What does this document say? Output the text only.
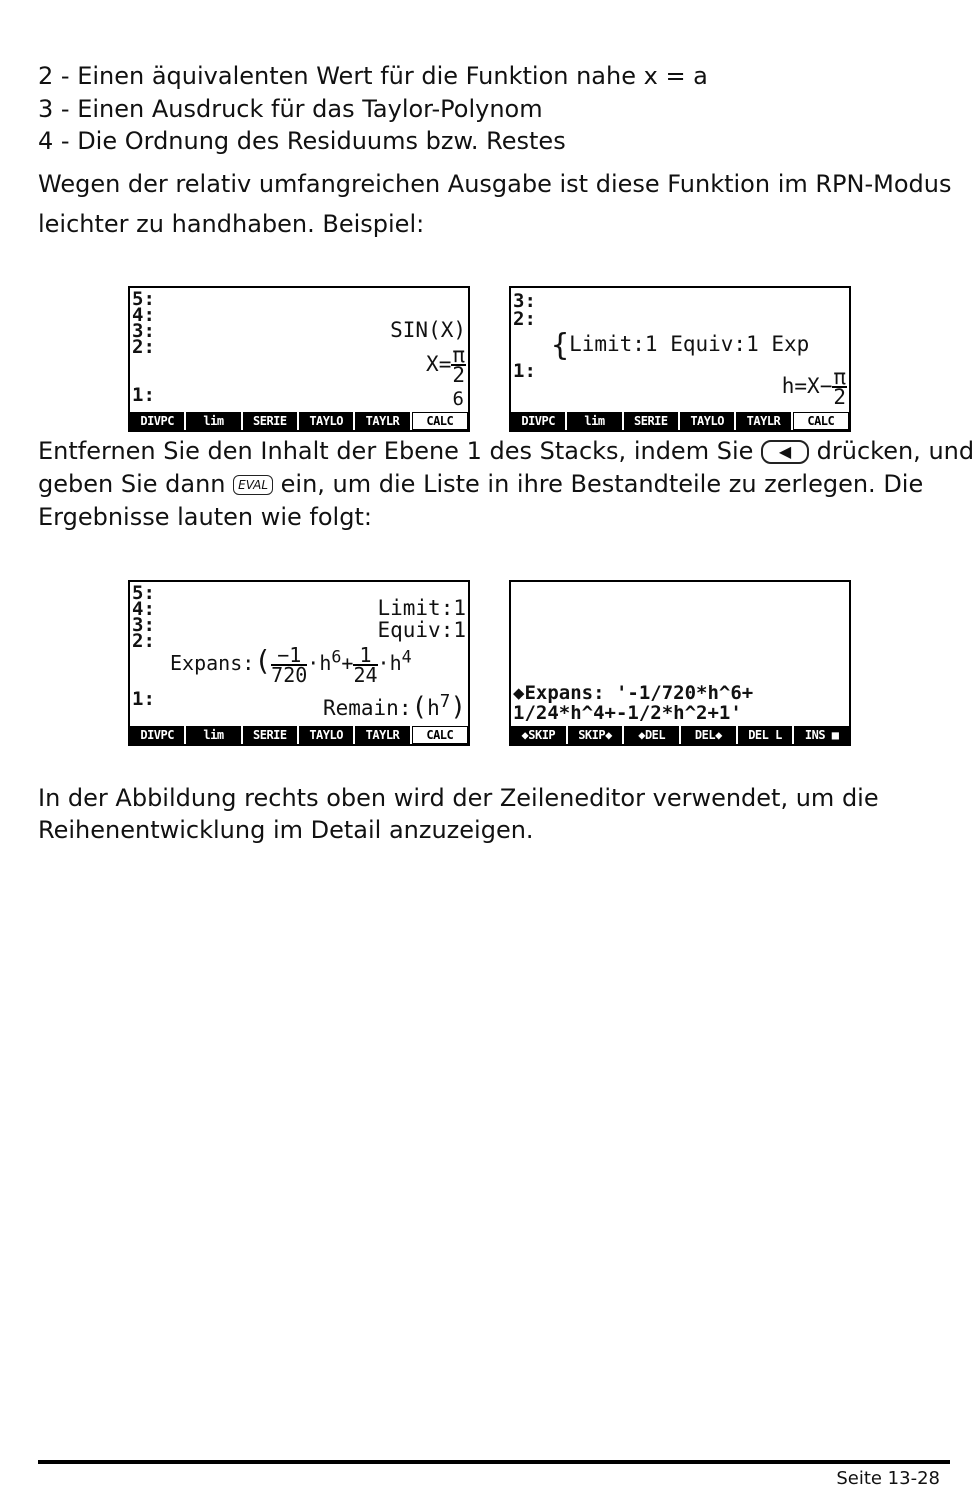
2 - Einen äquivalenten Wert für die Funktion nahe x = a
3 - Einen Ausdruck für das Taylor-Polynom
4 - Die Ordnung des Residuums bzw. Restes
Wegen der relativ umfangreichen Ausgabe ist diese Funktion im RPN-Modus
leichter zu handhaben. Beispiel:
5:
4:
3:
2:
1:
SIN(X)
$X= \frac{\pi}{2}$
6
DIVPC	lim	SERIE	TAYLO	TAYLR	CALC
3:
2:
1:
{Limit:1 Equiv:1 Exp
$h=X- \frac{\pi}{2}$
DIVPC	lim	SERIE	TAYLO	TAYLR	CALC
Entfernen Sie den Inhalt der Ebene 1 des Stacks, indem Sie ◀ drücken, und
geben Sie dann EVAL ein, um die Liste in ihre Bestandteile zu zerlegen. Die
Ergebnisse lauten wie folgt:
5:
4:
3:
2:
1:
Limit:1
Equiv:1
Expans:( $\frac{-1}{720} \cdot h^6+ \frac{1}{24} \cdot h^4$
$Remain:(h^7)$
DIVPC	lim	SERIE	TAYLO	TAYLR	CALC
◆Expans: '-1/720*h^6+
1/24*h^4+-1/2*h^2+1'
◆SKIP	SKIP◆	◆DEL	DEL◆	DEL L	INS ■
In der Abbildung rechts oben wird der Zeileneditor verwendet, um die
Reihenentwicklung im Detail anzuzeigen.
Seite 13-28
